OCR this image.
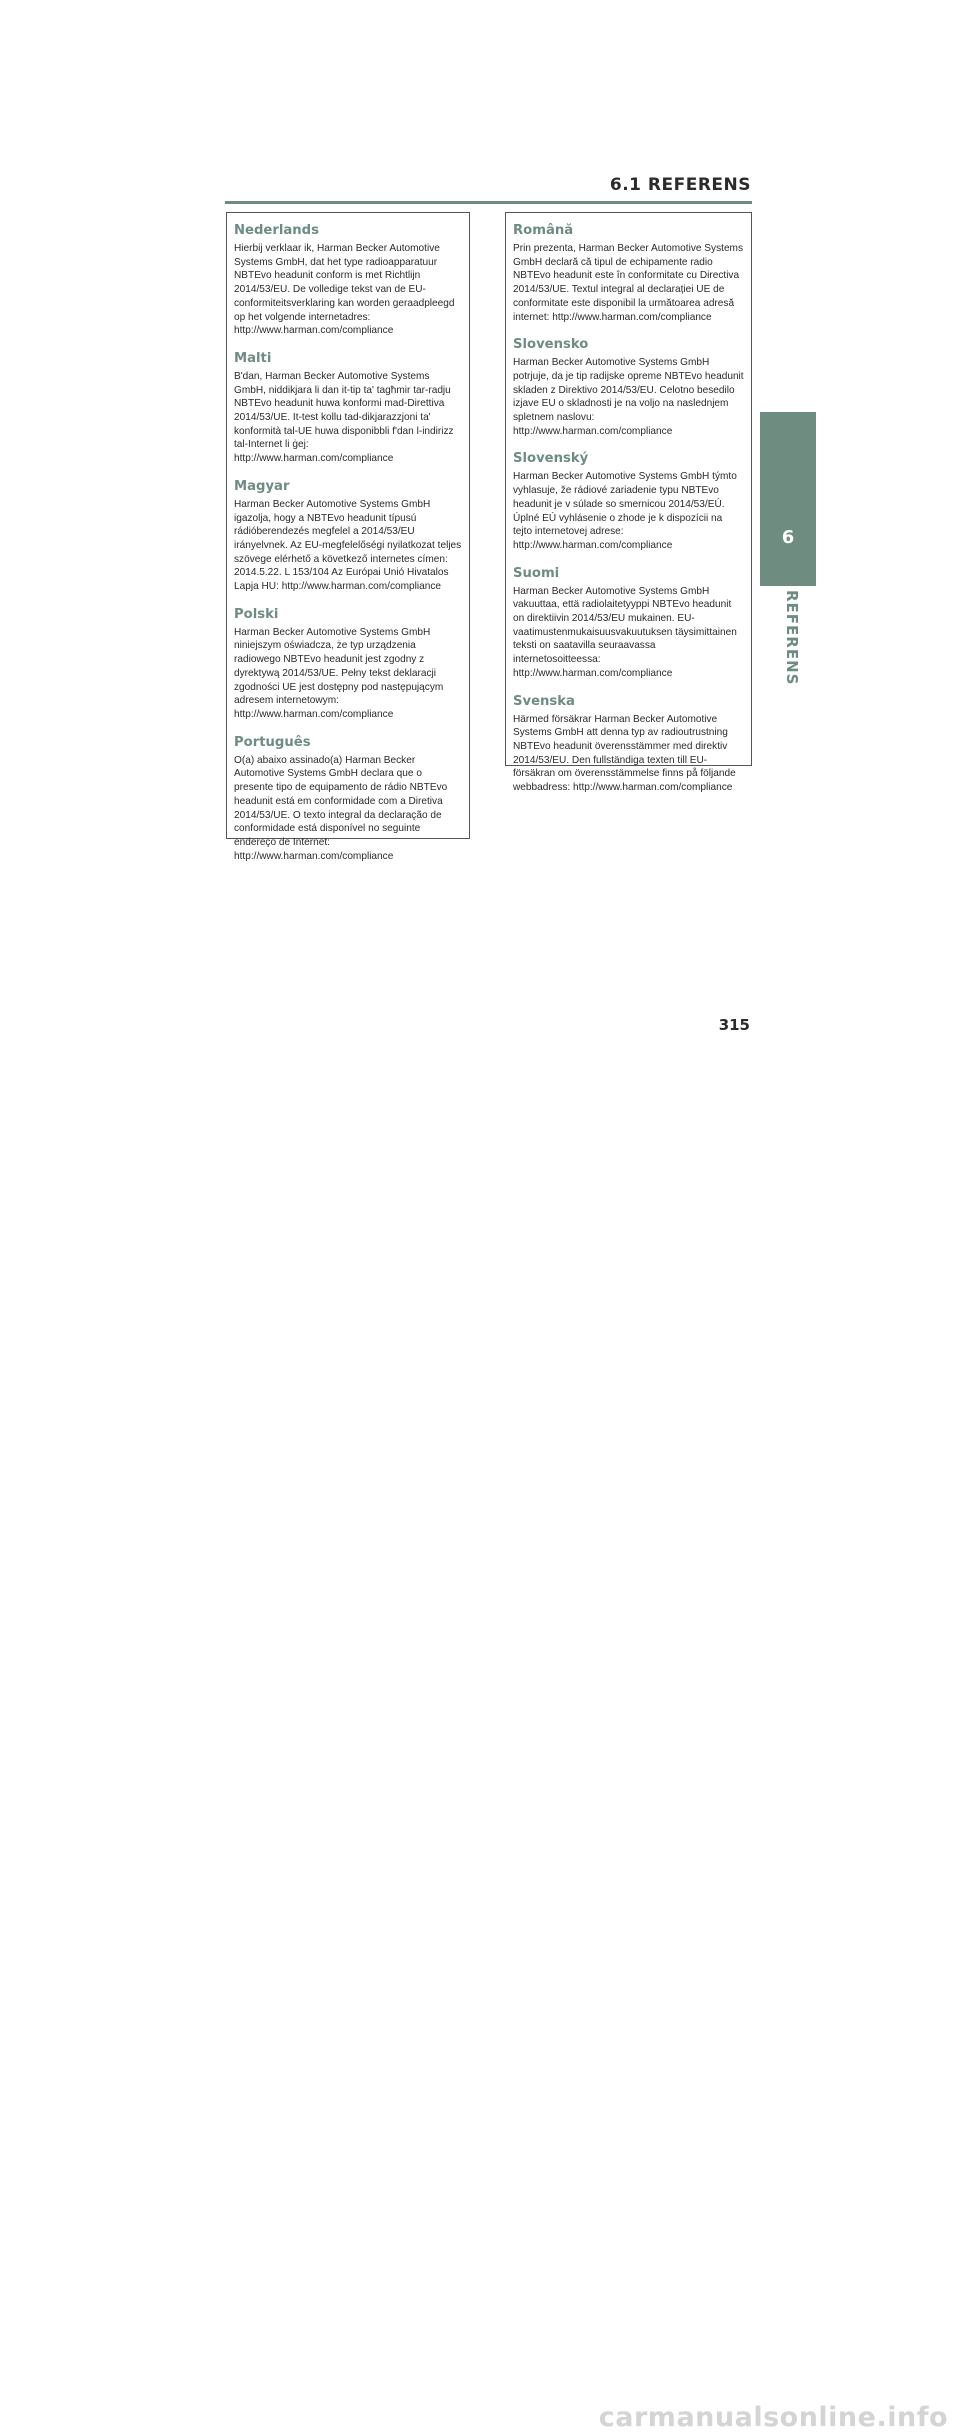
6.1 REFERENS
Nederlands

Hierbij verklaar ik, Harman Becker Automotive Systems GmbH, dat het type radioapparatuur NBTEvo headunit conform is met Richtlijn 2014/53/EU. De volledige tekst van de EU-conformiteitsverklaring kan worden geraadpleegd op het volgende internetadres: http://www.harman.com/compliance

Malti

B'dan, Harman Becker Automotive Systems GmbH, niddikjara li dan it-tip ta' tagħmir tar-radju NBTEvo headunit huwa konformi mad-Direttiva 2014/53/UE. It-test kollu tad-dikjarazzjoni ta' konformità tal-UE huwa disponibbli f'dan l-indirizz tal-Internet li ġej: http://www.harman.com/compliance

Magyar

Harman Becker Automotive Systems GmbH igazolja, hogy a NBTEvo headunit típusú rádióberendezés megfelel a 2014/53/EU irányelvnek. Az EU-megfelelőségi nyilatkozat teljes szövege elérhető a következő internetes címen: 2014.5.22. L 153/104 Az Európai Unió Hivatalos Lapja HU: http://www.harman.com/compliance

Polski

Harman Becker Automotive Systems GmbH niniejszym oświadcza, że typ urządzenia radiowego NBTEvo headunit jest zgodny z dyrektywą 2014/53/UE. Pełny tekst deklaracji zgodności UE jest dostępny pod następującym adresem internetowym: http://www.harman.com/compliance

Português

O(a) abaixo assinado(a) Harman Becker Automotive Systems GmbH declara que o presente tipo de equipamento de rádio NBTEvo headunit está em conformidade com a Diretiva 2014/53/UE. O texto integral da declaração de conformidade está disponível no seguinte endereço de Internet: http://www.harman.com/compliance

Română

Prin prezenta, Harman Becker Automotive Systems GmbH declară că tipul de echipamente radio NBTEvo headunit este în conformitate cu Directiva 2014/53/UE. Textul integral al declarației UE de conformitate este disponibil la următoarea adresă internet: http://www.harman.com/compliance

Slovensko

Harman Becker Automotive Systems GmbH potrjuje, da je tip radijske opreme NBTEvo headunit skladen z Direktivo 2014/53/EU. Celotno besedilo izjave EU o skladnosti je na voljo na naslednjem spletnem naslovu: http://www.harman.com/compliance

Slovenský

Harman Becker Automotive Systems GmbH týmto vyhlasuje, že rádiové zariadenie typu NBTEvo headunit je v súlade so smernicou 2014/53/EÚ. Úplné EÚ vyhlásenie o zhode je k dispozícii na tejto internetovej adrese: http://www.harman.com/compliance

Suomi

Harman Becker Automotive Systems GmbH vakuuttaa, että radiolaitetyyppi NBTEvo headunit on direktiivin 2014/53/EU mukainen. EU-vaatimustenmukaisuusvakuutuksen täysimittainen teksti on saatavilla seuraavassa internetosoitteessa: http://www.harman.com/compliance

Svenska

Härmed försäkrar Harman Becker Automotive Systems GmbH att denna typ av radioutrustning NBTEvo headunit överensstämmer med direktiv 2014/53/EU. Den fullständiga texten till EU-försäkran om överensstämmelse finns på följande webbadress: http://www.harman.com/compliance

6
REFERENS
315
carmanualsonline.info
